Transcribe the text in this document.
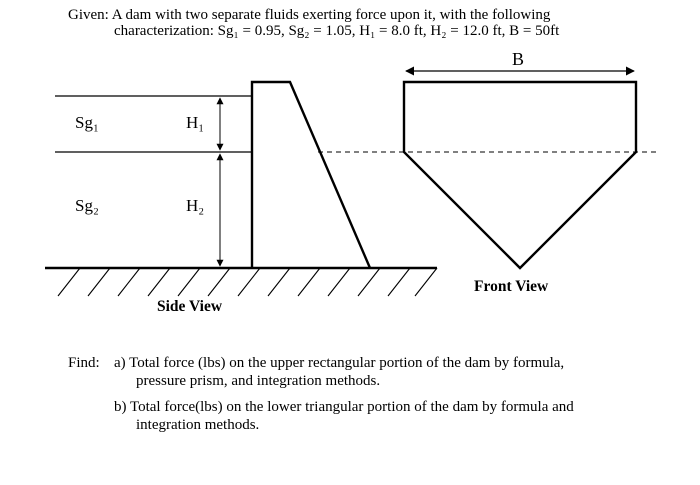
Given: A dam with two separate fluids exerting force upon it, with the following
characterization: Sg₁ = 0.95, Sg₂ = 1.05, H₁ = 8.0 ft, H₂ = 12.0 ft, B = 50ft
Sg₁
Sg₂
H₁
H₂
B
Side View
Front View
Find: a) Total force (lbs) on the upper rectangular portion of the dam by formula,
pressure prism, and integration methods.
b) Total force(lbs) on the lower triangular portion of the dam by formula and
integration methods.
